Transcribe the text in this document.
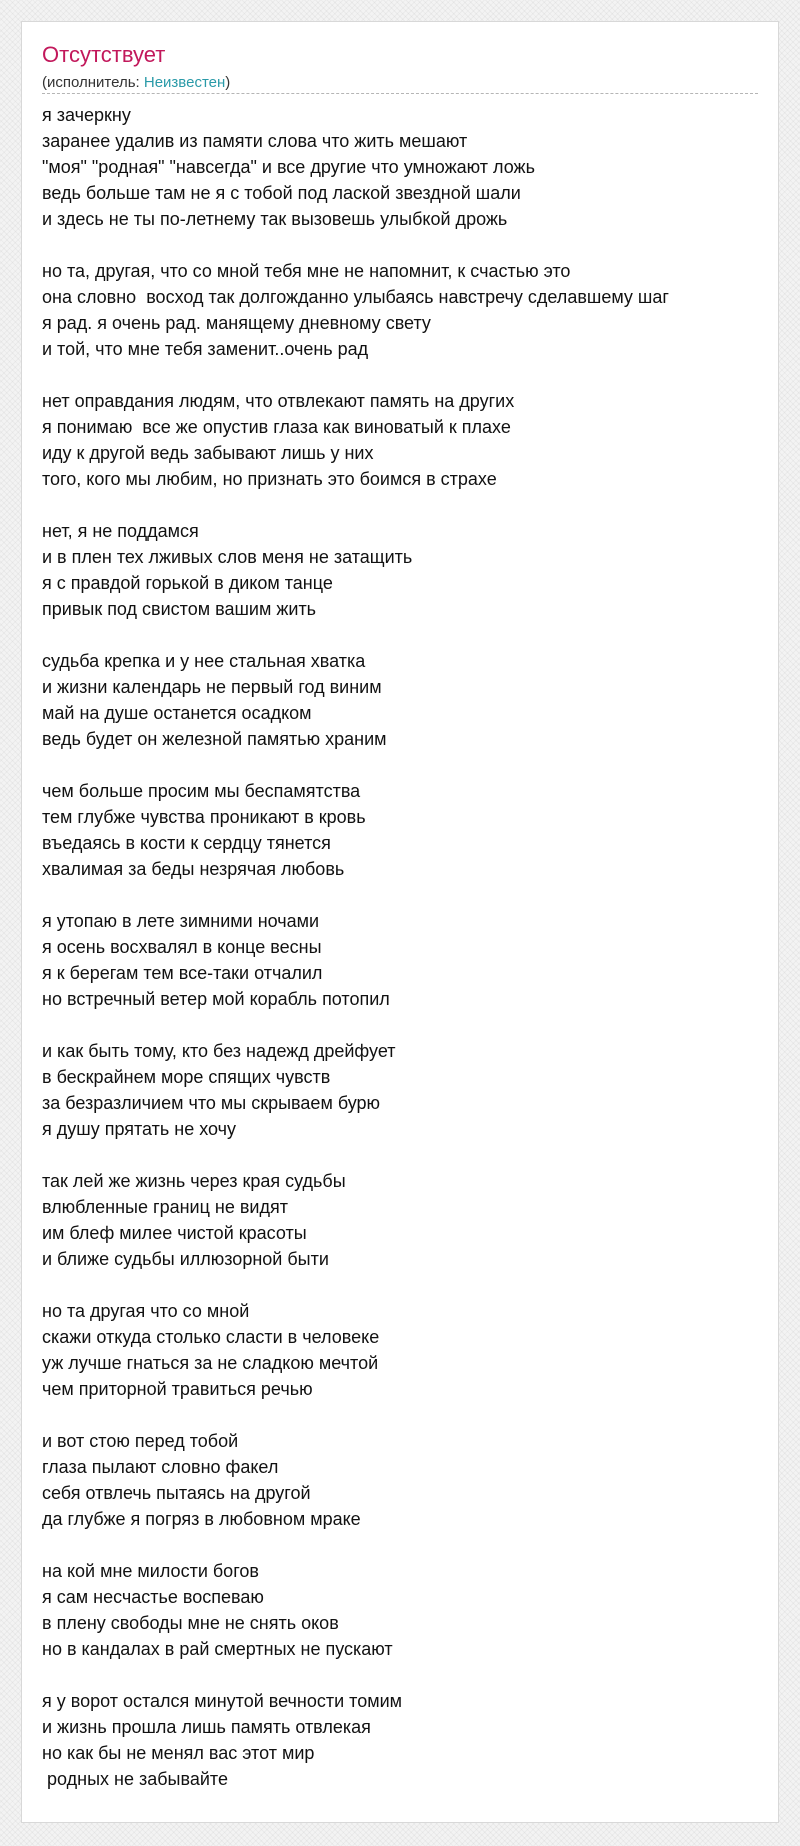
Отсутствует
(исполнитель: Неизвестен)
я зачеркну
заранее удалив из памяти слова что жить мешают
"моя" "родная" "навсегда" и все другие что умножают ложь
ведь больше там не я с тобой под лаской звездной шали
и здесь не ты по-летнему так вызовешь улыбкой дрожь

но та, другая, что со мной тебя мне не напомнит, к счастью это
она словно  восход так долгожданно улыбаясь навстречу сделавшему шаг
я рад. я очень рад. манящему дневному свету
и той, что мне тебя заменит..очень рад

нет оправдания людям, что отвлекают память на других
я понимаю  все же опустив глаза как виноватый к плахе
иду к другой ведь забывают лишь у них
того, кого мы любим, но признать это боимся в страхе

нет, я не поддамся
и в плен тех лживых слов меня не затащить
я с правдой горькой в диком танце
привык под свистом вашим жить

судьба крепка и у нее стальная хватка
и жизни календарь не первый год виним
май на душе останется осадком
ведь будет он железной памятью храним

чем больше просим мы беспамятства
тем глубже чувства проникают в кровь
въедаясь в кости к сердцу тянется
хвалимая за беды незрячая любовь

я утопаю в лете зимними ночами
я осень восхвалял в конце весны
я к берегам тем все-таки отчалил
но встречный ветер мой корабль потопил

и как быть тому, кто без надежд дрейфует
в бескрайнем море спящих чувств
за безразличием что мы скрываем бурю
я душу прятать не хочу

так лей же жизнь через края судьбы
влюбленные границ не видят
им блеф милее чистой красоты
и ближе судьбы иллюзорной быти

но та другая что со мной
скажи откуда столько сласти в человеке
уж лучше гнаться за не сладкою мечтой
чем приторной травиться речью

и вот стою перед тобой
глаза пылают словно факел
себя отвлечь пытаясь на другой
да глубже я погряз в любовном мраке

на кой мне милости богов
я сам несчастье воспеваю
в плену свободы мне не снять оков
но в кандалах в рай смертных не пускают

я у ворот остался минутой вечности томим
и жизнь прошла лишь память отвлекая
но как бы не менял вас этот мир
родных не забывайте
